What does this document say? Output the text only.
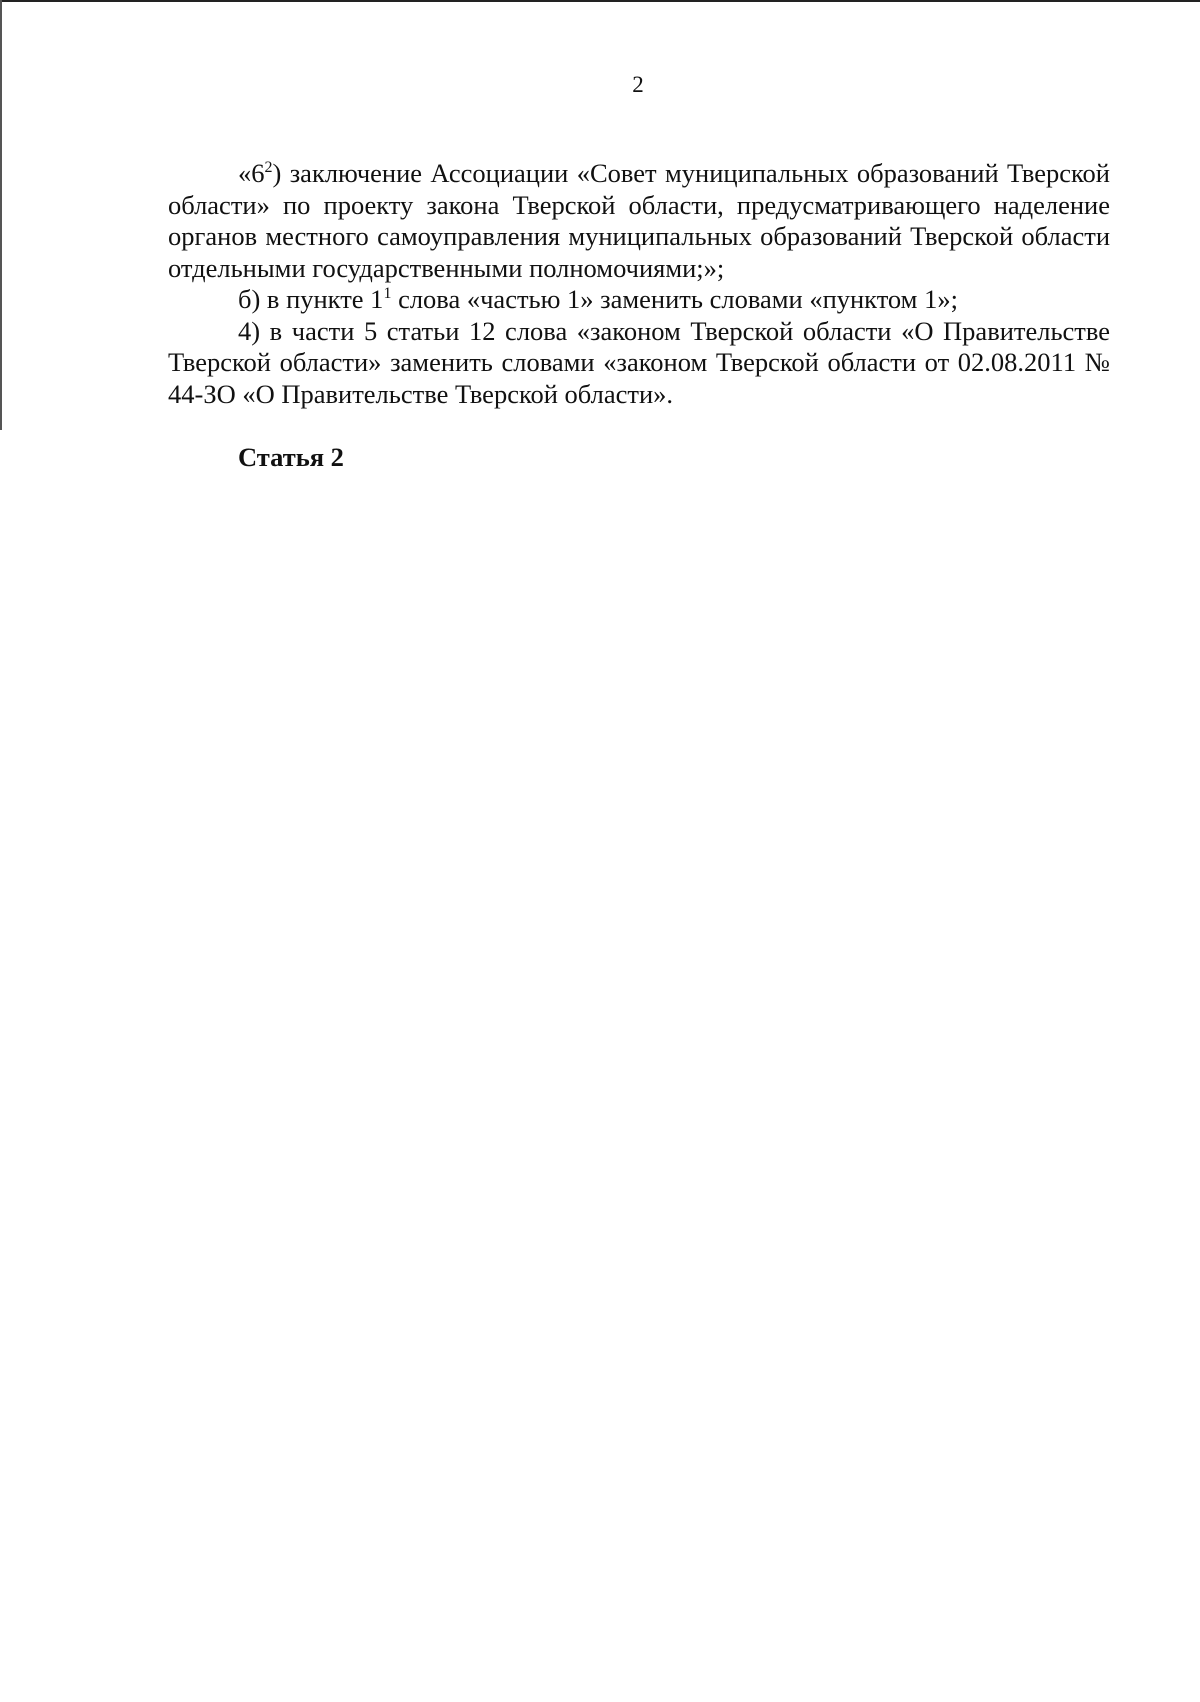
2

«$6^2$) заключение Ассоциации «Совет муниципальных образований Тверской области» по проекту закона Тверской области, предусматривающего наделение органов местного самоуправления муниципальных образований Тверской области отдельными государственными полномочиями;»;

б) в пункте $1^1$ слова «частью 1» заменить словами «пунктом 1»;

4) в части 5 статьи 12 слова «законом Тверской области «О Правительстве Тверской области» заменить словами «законом Тверской области от 02.08.2011 № 44-ЗО «О Правительстве Тверской области».

Статья 2
